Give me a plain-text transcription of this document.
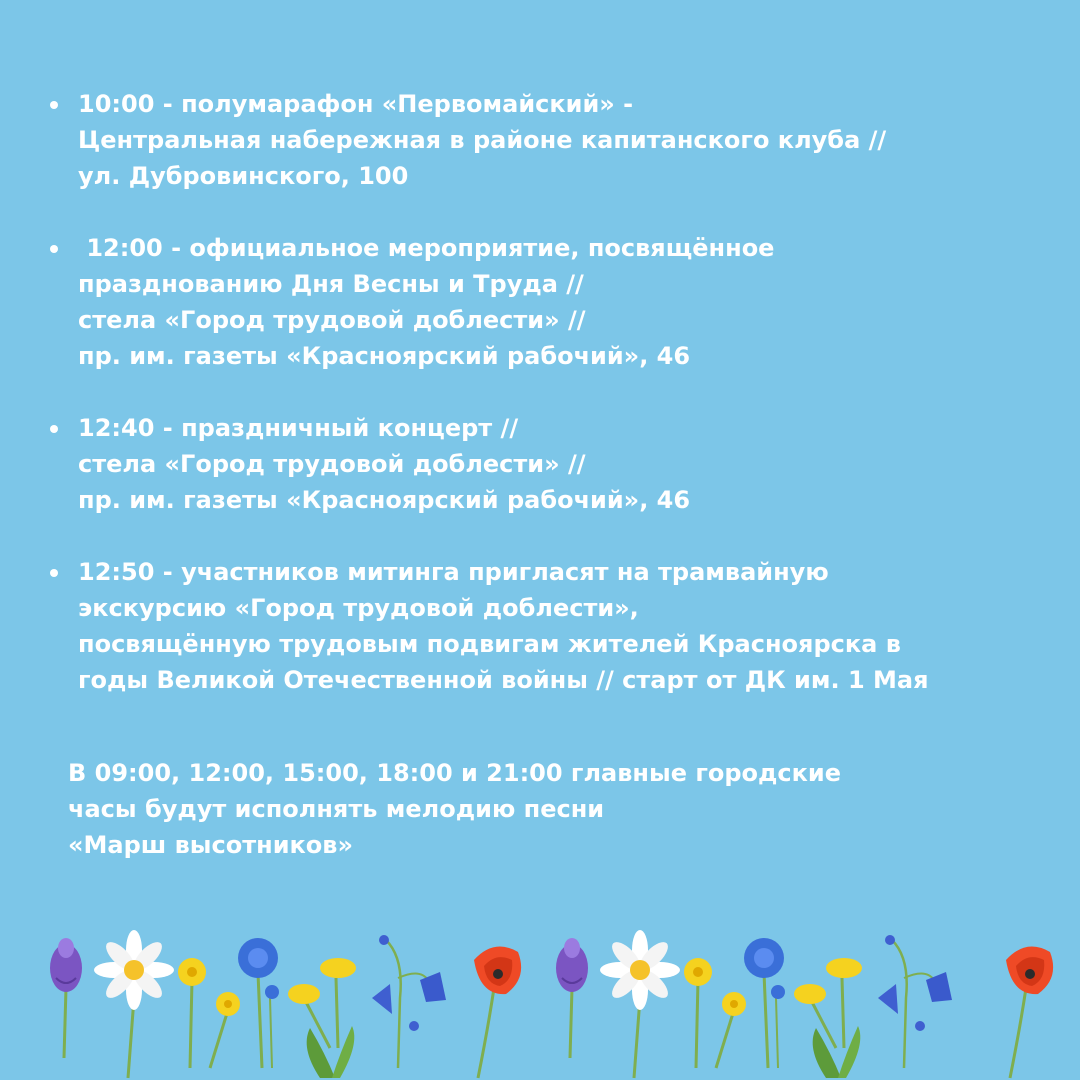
10:00 - полумарафон «Первомайский» -
Центральная набережная в районе капитанского клуба //
ул. Дубровинского, 100
12:00 - официальное мероприятие, посвящённое
празднованию Дня Весны и Труда //
стела «Город трудовой доблести» //
пр. им. газеты «Красноярский рабочий», 46
12:40 - праздничный концерт //
стела «Город трудовой доблести» //
пр. им. газеты «Красноярский рабочий», 46
12:50 - участников митинга пригласят на трамвайную
экскурсию «Город трудовой доблести»,
посвящённую трудовым подвигам жителей Красноярска в
годы Великой Отечественной войны // старт от ДК им. 1 Мая
В 09:00, 12:00, 15:00, 18:00 и 21:00 главные городские
часы будут исполнять мелодию песни
«Марш высотников»
